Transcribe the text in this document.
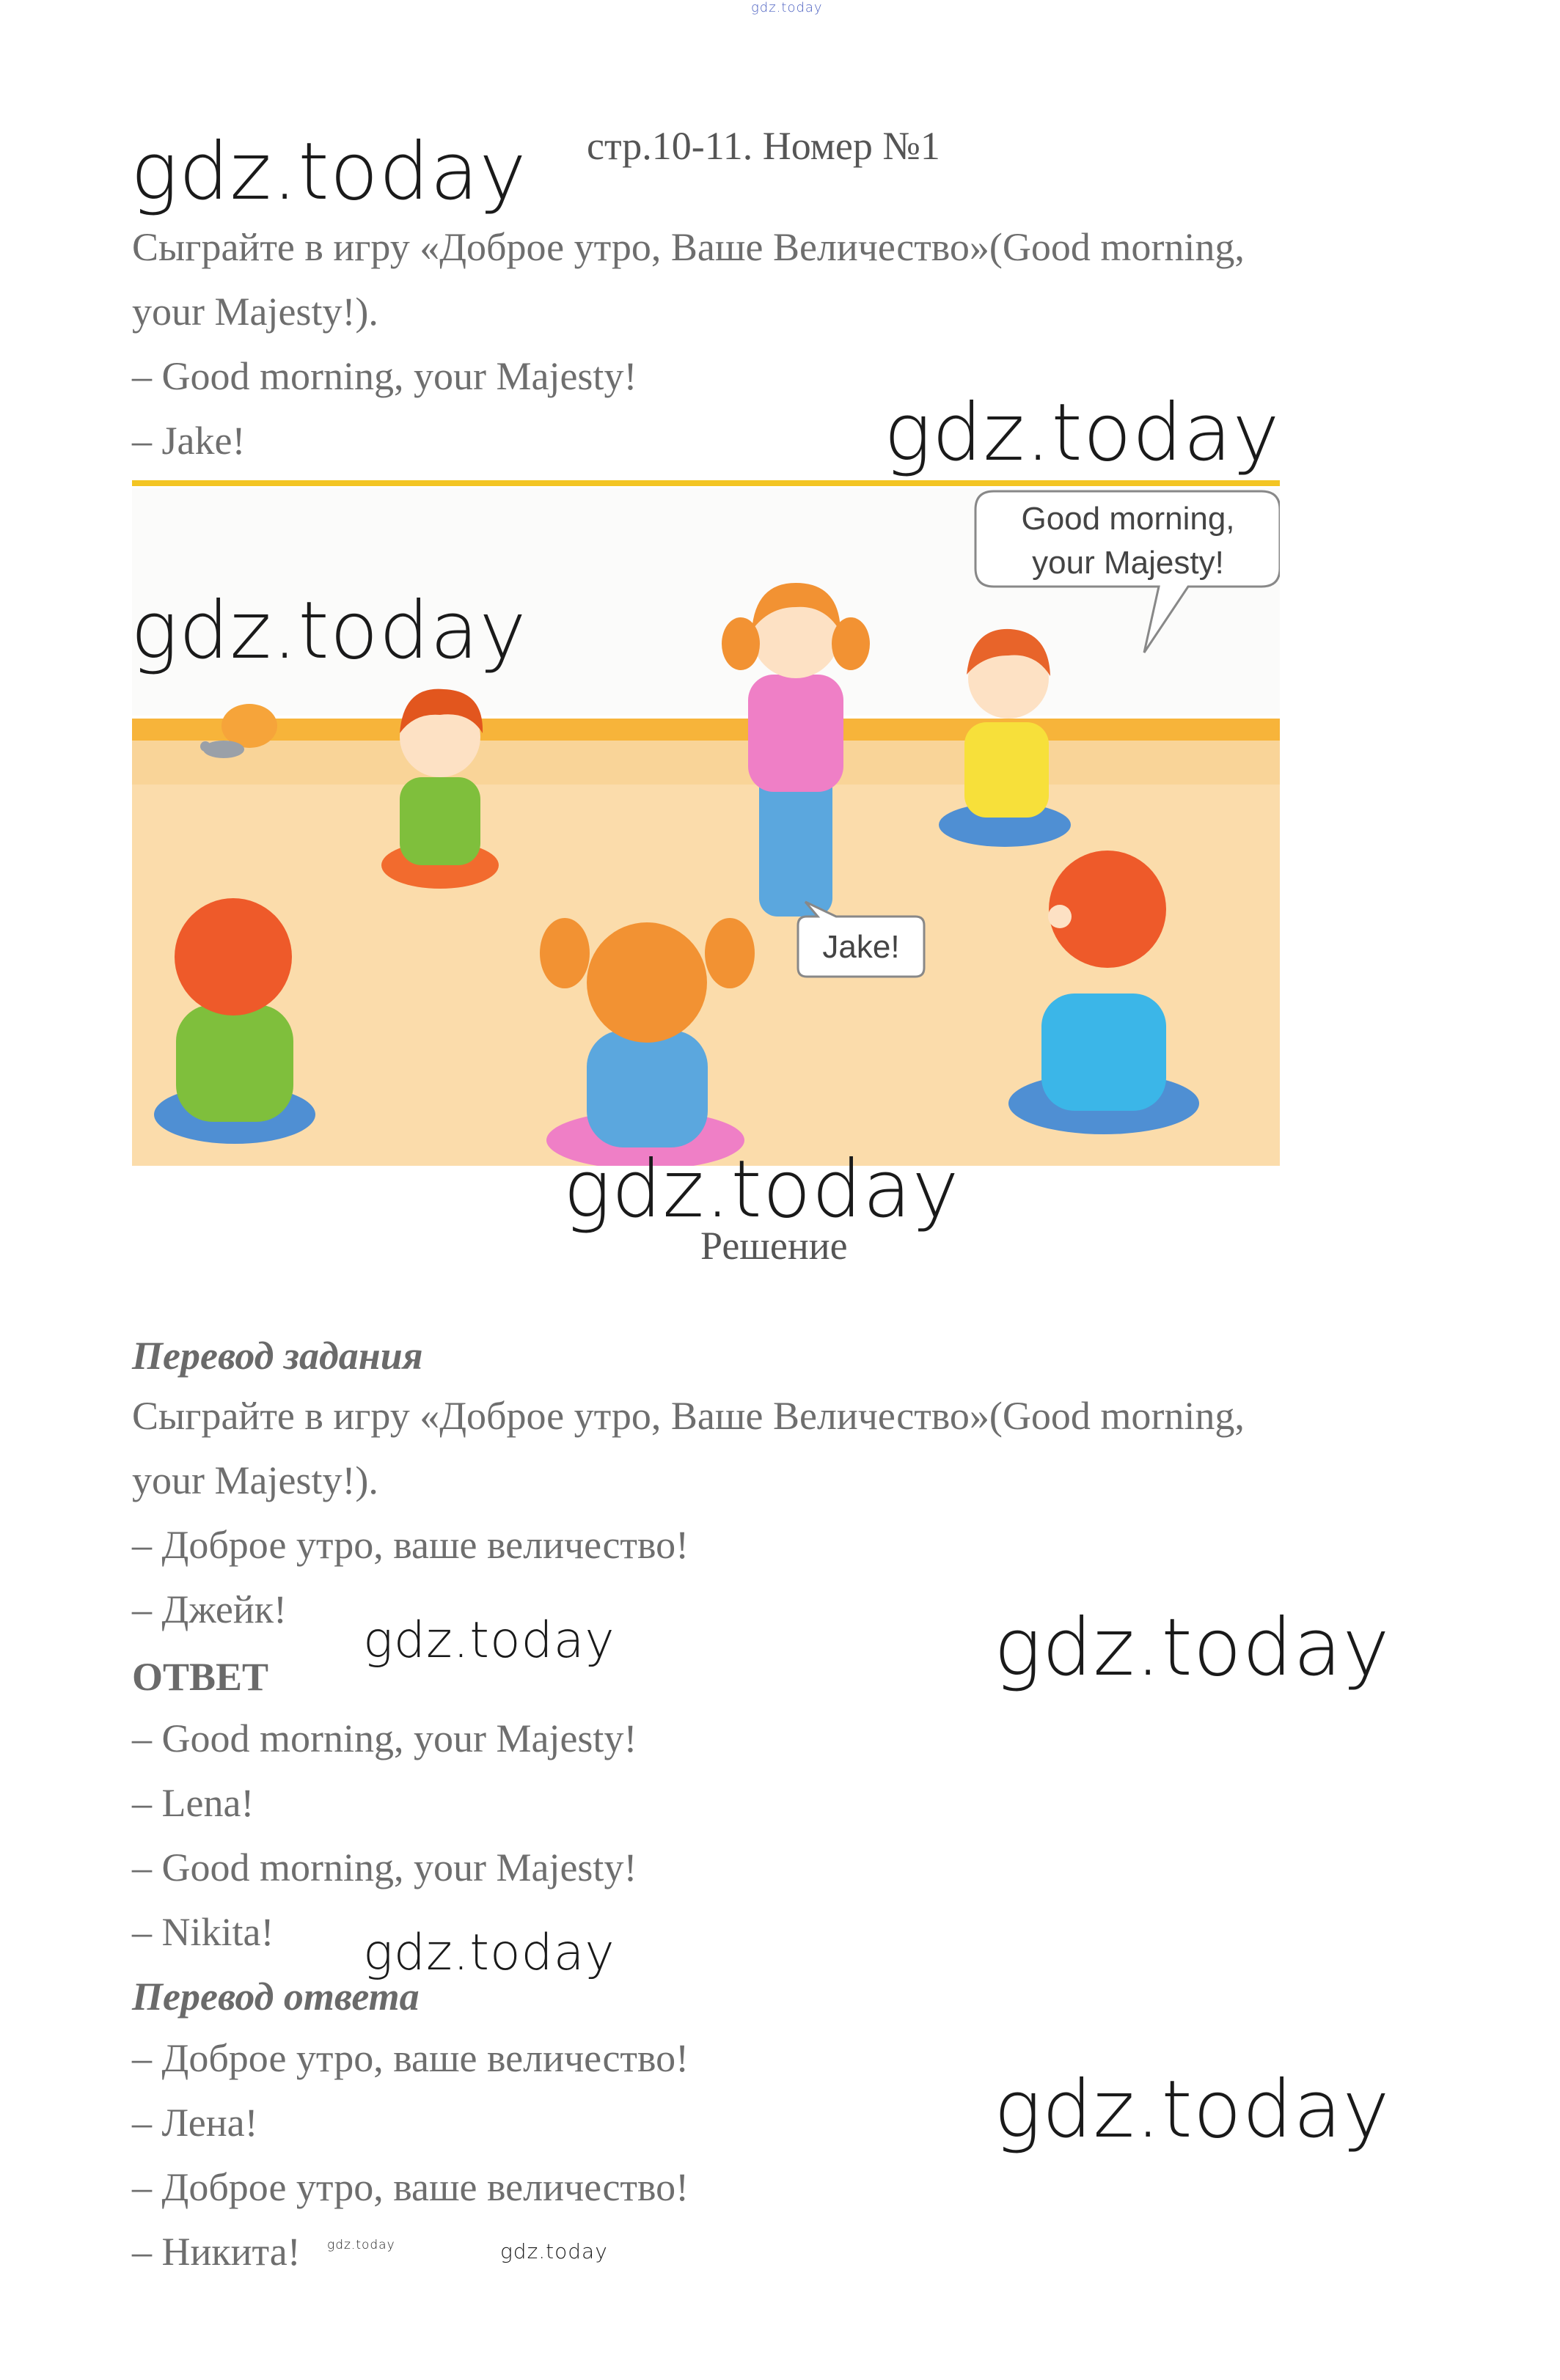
gdz.today
gdz.today стр.10-11. Номер №1
Сыграйте в игру «Доброе утро, Ваше Величество»(Good morning,
your Majesty!).
– Good morning, your Majesty!
– Jake!	gdz.today
Good morning,
your Majesty!
Jake!
gdz.today
gdz.today
Решение
Перевод задания
Сыграйте в игру «Доброе утро, Ваше Величество»(Good morning,
your Majesty!).
– Доброе утро, ваше величество!
– Джейк!
gdz.today	gdz.today
ОТВЕТ
– Good morning, your Majesty!
– Lena!
– Good morning, your Majesty!
– Nikita! gdz.today
Перевод ответа
– Доброе утро, ваше величество!
– Лена!
– Доброе утро, ваше величество!
– Никита!
gdz.today
gdz.today	gdz.today
